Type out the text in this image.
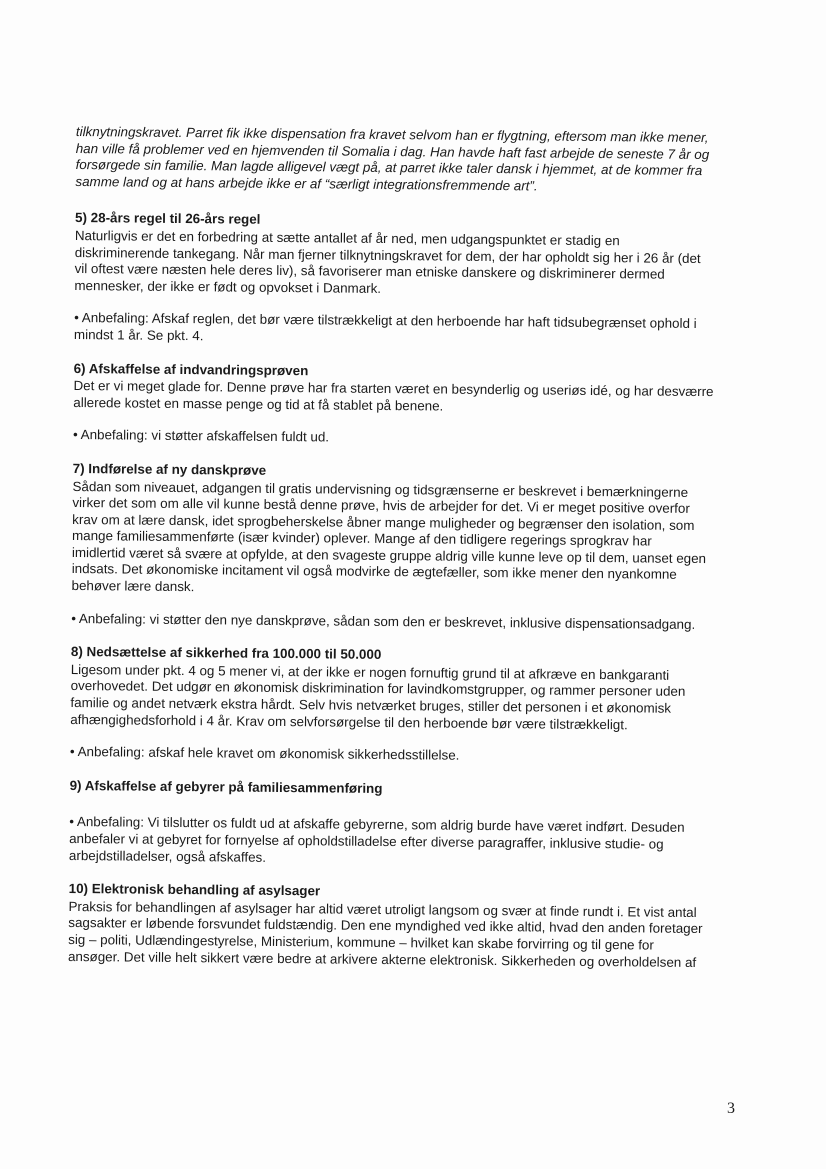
tilknytningskravet. Parret fik ikke dispensation fra kravet selvom han er flygtning, eftersom man ikke mener,
han ville få problemer ved en hjemvenden til Somalia i dag. Han havde haft fast arbejde de seneste 7 år og
forsørgede sin familie. Man lagde alligevel vægt på, at parret ikke taler dansk i hjemmet, at de kommer fra
samme land og at hans arbejde ikke er af “særligt integrationsfremmende art”.

5) 28-års regel til 26-års regel

Naturligvis er det en forbedring at sætte antallet af år ned, men udgangspunktet er stadig en
diskriminerende tankegang. Når man fjerner tilknytningskravet for dem, der har opholdt sig her i 26 år (det
vil oftest være næsten hele deres liv), så favoriserer man etniske danskere og diskriminerer dermed
mennesker, der ikke er født og opvokset i Danmark.

• Anbefaling: Afskaf reglen, det bør være tilstrækkeligt at den herboende har haft tidsubegrænset ophold i
mindst 1 år. Se pkt. 4.

6) Afskaffelse af indvandringsprøven

Det er vi meget glade for. Denne prøve har fra starten været en besynderlig og useriøs idé, og har desværre
allerede kostet en masse penge og tid at få stablet på benene.

• Anbefaling: vi støtter afskaffelsen fuldt ud.

7) Indførelse af ny danskprøve

Sådan som niveauet, adgangen til gratis undervisning og tidsgrænserne er beskrevet i bemærkningerne
virker det som om alle vil kunne bestå denne prøve, hvis de arbejder for det. Vi er meget positive overfor
krav om at lære dansk, idet sprogbeherskelse åbner mange muligheder og begrænser den isolation, som
mange familiesammenførte (især kvinder) oplever. Mange af den tidligere regerings sprogkrav har
imidlertid været så svære at opfylde, at den svageste gruppe aldrig ville kunne leve op til dem, uanset egen
indsats. Det økonomiske incitament vil også modvirke de ægtefæller, som ikke mener den nyankomne
behøver lære dansk.

• Anbefaling: vi støtter den nye danskprøve, sådan som den er beskrevet, inklusive dispensationsadgang.

8) Nedsættelse af sikkerhed fra 100.000 til 50.000

Ligesom under pkt. 4 og 5 mener vi, at der ikke er nogen fornuftig grund til at afkræve en bankgaranti
overhovedet. Det udgør en økonomisk diskrimination for lavindkomstgrupper, og rammer personer uden
familie og andet netværk ekstra hårdt. Selv hvis netværket bruges, stiller det personen i et økonomisk
afhængighedsforhold i 4 år. Krav om selvforsørgelse til den herboende bør være tilstrækkeligt.

• Anbefaling: afskaf hele kravet om økonomisk sikkerhedsstillelse.

9) Afskaffelse af gebyrer på familiesammenføring

• Anbefaling: Vi tilslutter os fuldt ud at afskaffe gebyrerne, som aldrig burde have været indført. Desuden
anbefaler vi at gebyret for fornyelse af opholdstilladelse efter diverse paragraffer, inklusive studie- og
arbejdstilladelser, også afskaffes.

10) Elektronisk behandling af asylsager

Praksis for behandlingen af asylsager har altid været utroligt langsom og svær at finde rundt i. Et vist antal
sagsakter er løbende forsvundet fuldstændig. Den ene myndighed ved ikke altid, hvad den anden foretager
sig – politi, Udlændingestyrelse, Ministerium, kommune – hvilket kan skabe forvirring og til gene for
ansøger. Det ville helt sikkert være bedre at arkivere akterne elektronisk. Sikkerheden og overholdelsen af

3
